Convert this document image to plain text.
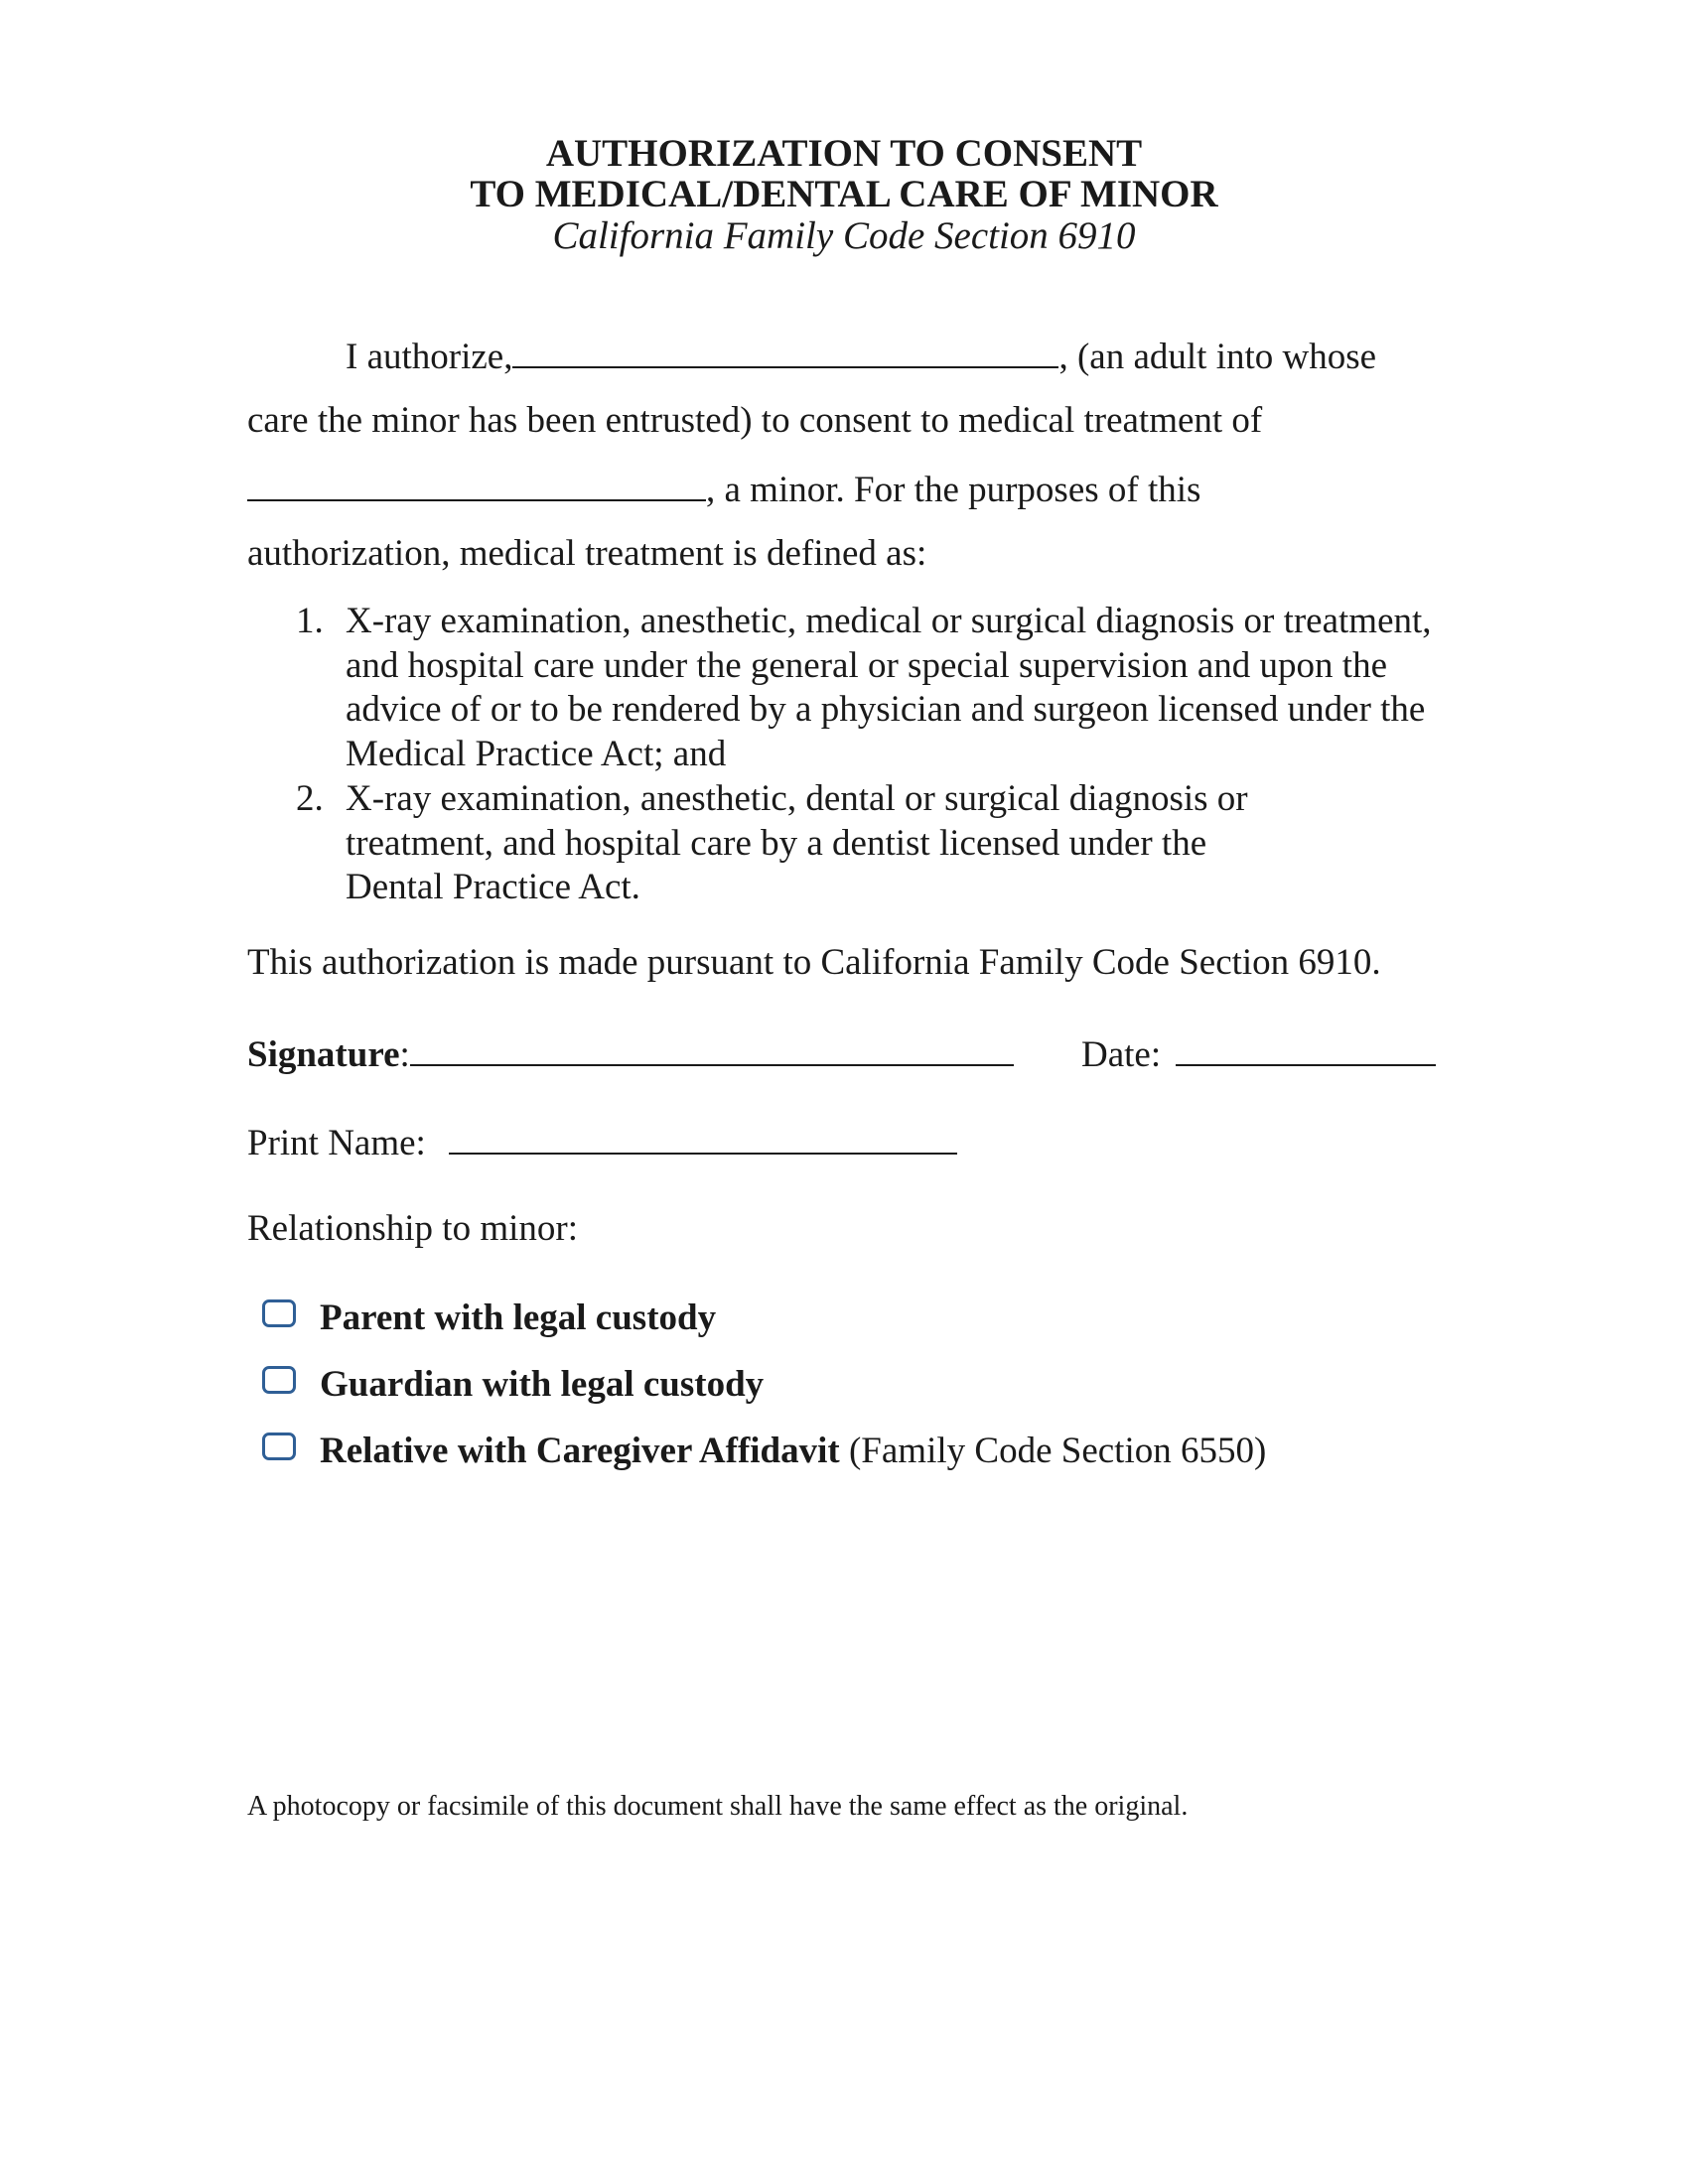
AUTHORIZATION TO CONSENT
TO MEDICAL/DENTAL CARE OF MINOR
California Family Code Section 6910
I authorize,	, (an adult into whose
care the minor has been entrusted) to consent to medical treatment of
, a minor. For the purposes of this
authorization, medical treatment is defined as:
1. X-ray examination, anesthetic, medical or surgical diagnosis or treatment, and hospital care under the general or special supervision and upon the advice of or to be rendered by a physician and surgeon licensed under the Medical Practice Act; and
2. X-ray examination, anesthetic, dental or surgical diagnosis or treatment, and hospital care by a dentist licensed under the Dental Practice Act.
This authorization is made pursuant to California Family Code Section 6910.
Signature:	Date:
Print Name:
Relationship to minor:
Parent with legal custody
Guardian with legal custody
Relative with Caregiver Affidavit (Family Code Section 6550)
A photocopy or facsimile of this document shall have the same effect as the original.
